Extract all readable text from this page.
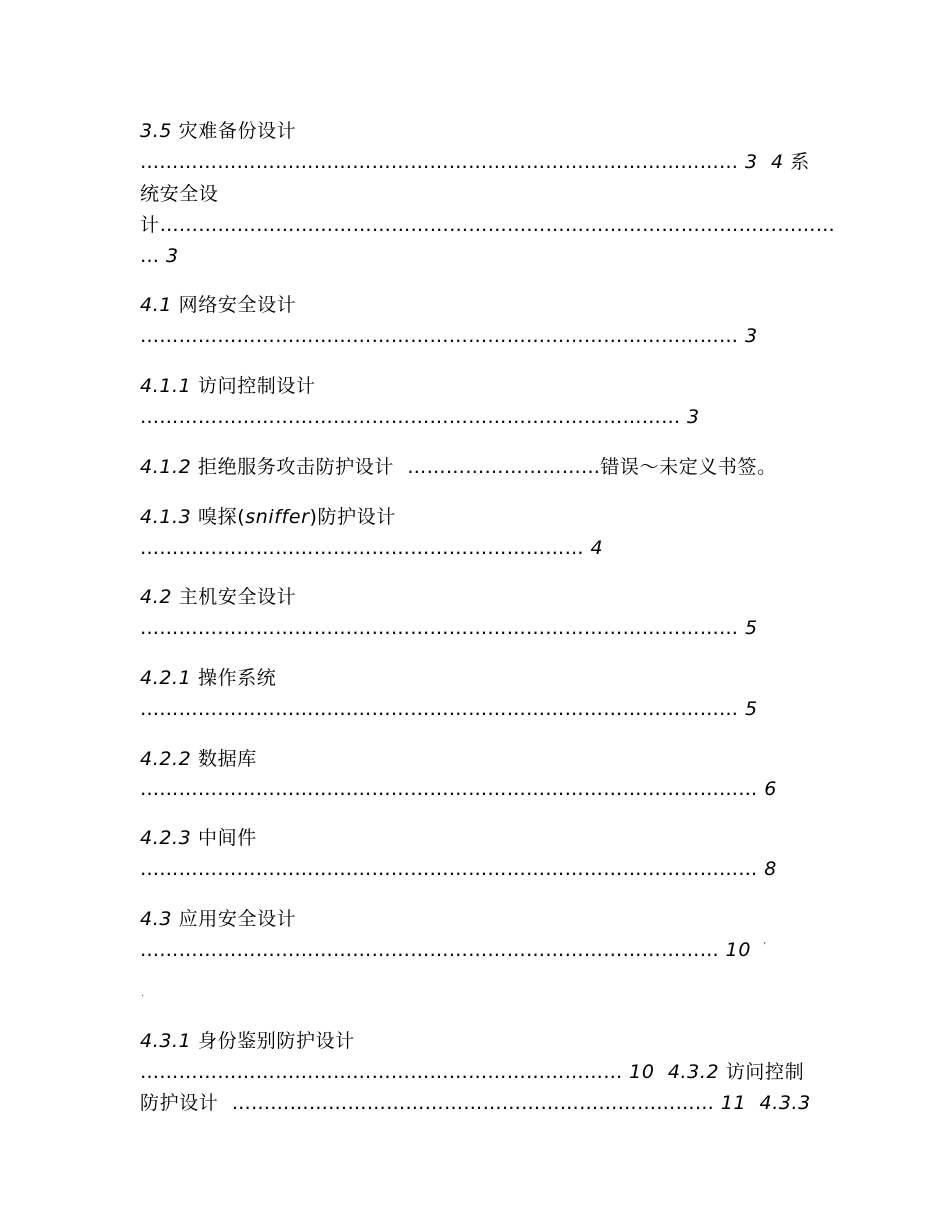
3.5 灾难备份设计
………………………………………………………………………………… 3 4 系
统安全设
计……………………………………………………………………………………………
… 3
4.1 网络安全设计
………………………………………………………………………………… 3
4.1.1 访问控制设计
………………………………………………………………………… 3
4.1.2 拒绝服务攻击防护设计 …………………………错误～未定义书签。
4.1.3 嗅探(sniffer)防护设计
…………………………………………………………… 4
4.2 主机安全设计
………………………………………………………………………………… 5
4.2.1 操作系统
………………………………………………………………………………… 5
4.2.2 数据库
…………………………………………………………………………………… 6
4.2.3 中间件
…………………………………………………………………………………… 8
4.3 应用安全设计
……………………………………………………………………………… 10 ’
.
4.3.1 身份鉴别防护设计
………………………………………………………………… 10 4.3.2 访问控制
防护设计 ………………………………………………………………… 11 4.3.3
